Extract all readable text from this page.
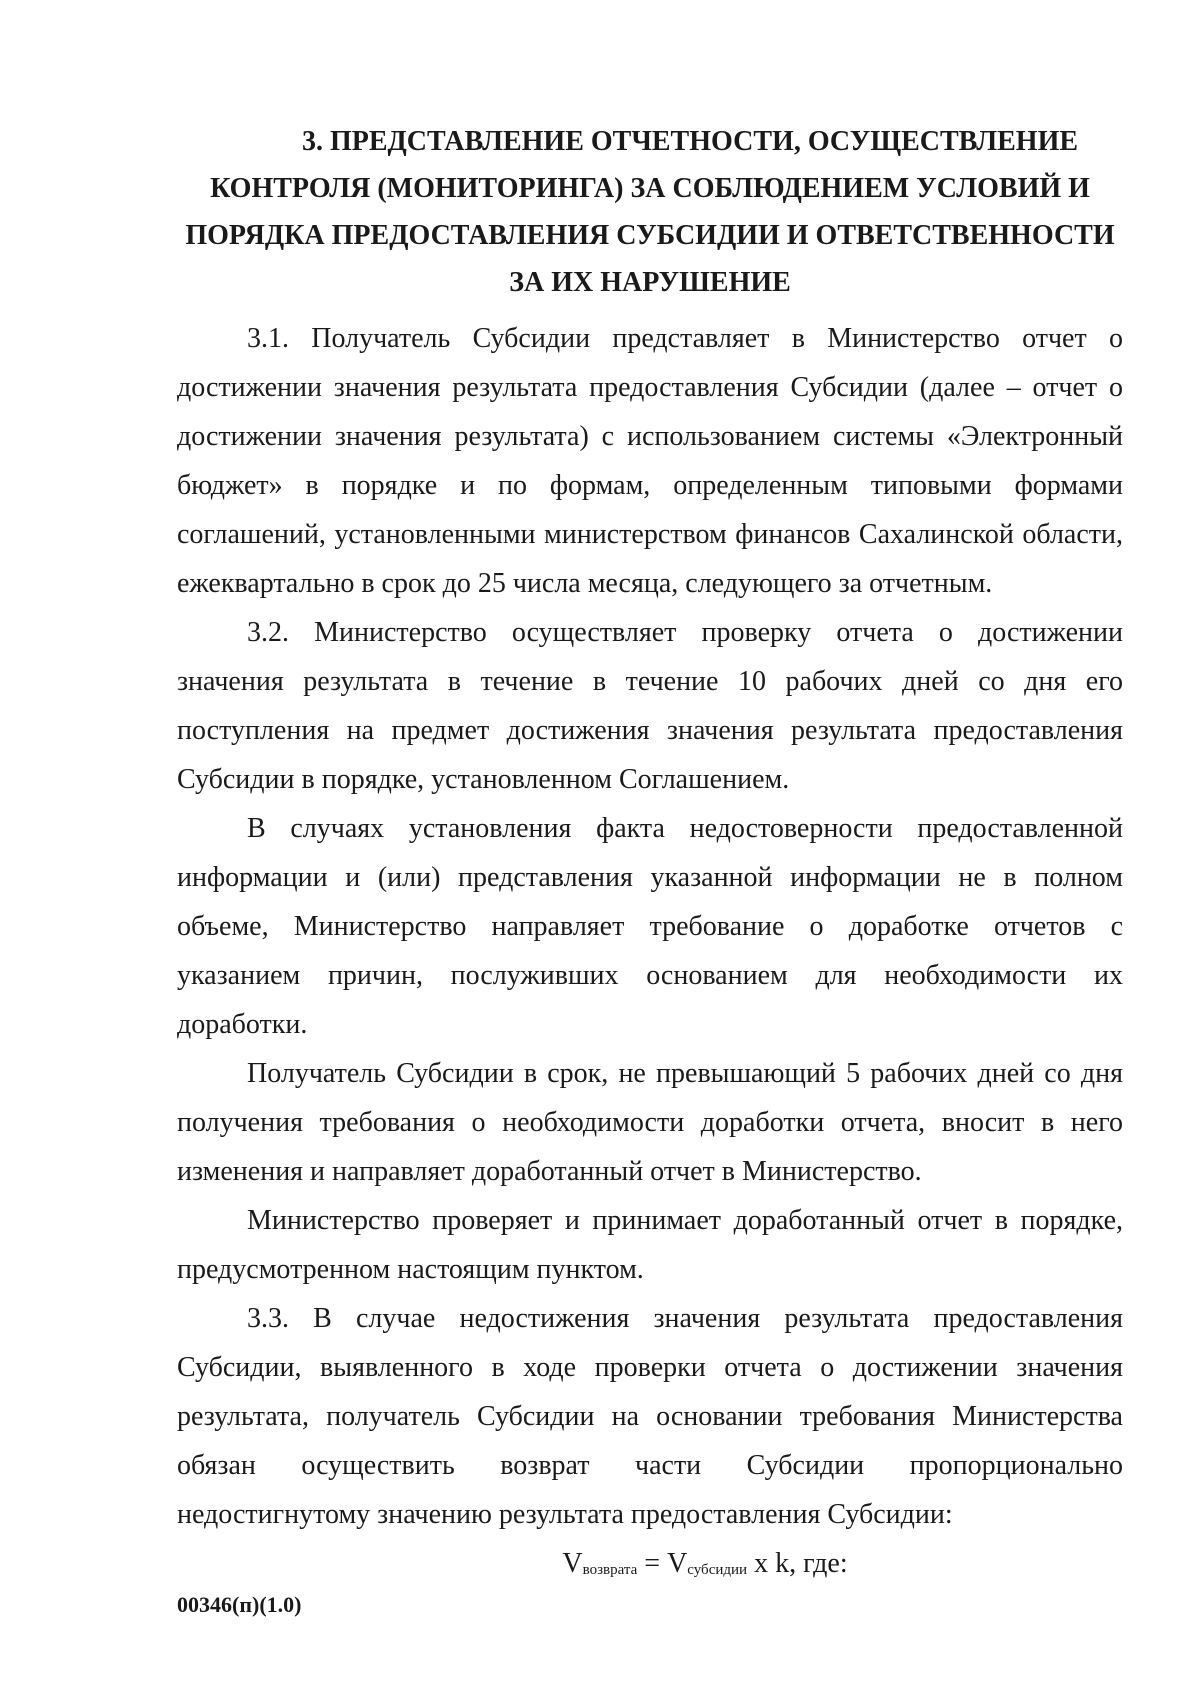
3. ПРЕДСТАВЛЕНИЕ ОТЧЕТНОСТИ, ОСУЩЕСТВЛЕНИЕ
КОНТРОЛЯ (МОНИТОРИНГА) ЗА СОБЛЮДЕНИЕМ УСЛОВИЙ И
ПОРЯДКА ПРЕДОСТАВЛЕНИЯ СУБСИДИИ И ОТВЕТСТВЕННОСТИ
ЗА ИХ НАРУШЕНИЕ

3.1. Получатель Субсидии представляет в Министерство отчет о достижении значения результата предоставления Субсидии (далее – отчет о достижении значения результата) с использованием системы «Электронный бюджет» в порядке и по формам, определенным типовыми формами соглашений, установленными министерством финансов Сахалинской области, ежеквартально в срок до 25 числа месяца, следующего за отчетным.

3.2. Министерство осуществляет проверку отчета о достижении значения результата в течение в течение 10 рабочих дней со дня его поступления на предмет достижения значения результата предоставления Субсидии в порядке, установленном Соглашением.

В случаях установления факта недостоверности предоставленной информации и (или) представления указанной информации не в полном объеме, Министерство направляет требование о доработке отчетов с указанием причин, послуживших основанием для необходимости их доработки.

Получатель Субсидии в срок, не превышающий 5 рабочих дней со дня получения требования о необходимости доработки отчета, вносит в него изменения и направляет доработанный отчет в Министерство.

Министерство проверяет и принимает доработанный отчет в порядке, предусмотренном настоящим пунктом.

3.3. В случае недостижения значения результата предоставления Субсидии, выявленного в ходе проверки отчета о достижении значения результата, получатель Субсидии на основании требования Министерства обязан осуществить возврат части Субсидии пропорционально недостигнутому значению результата предоставления Субсидии:

$V_{возврата} = V_{субсидии}$ x k, где:

00346(п)(1.0)
